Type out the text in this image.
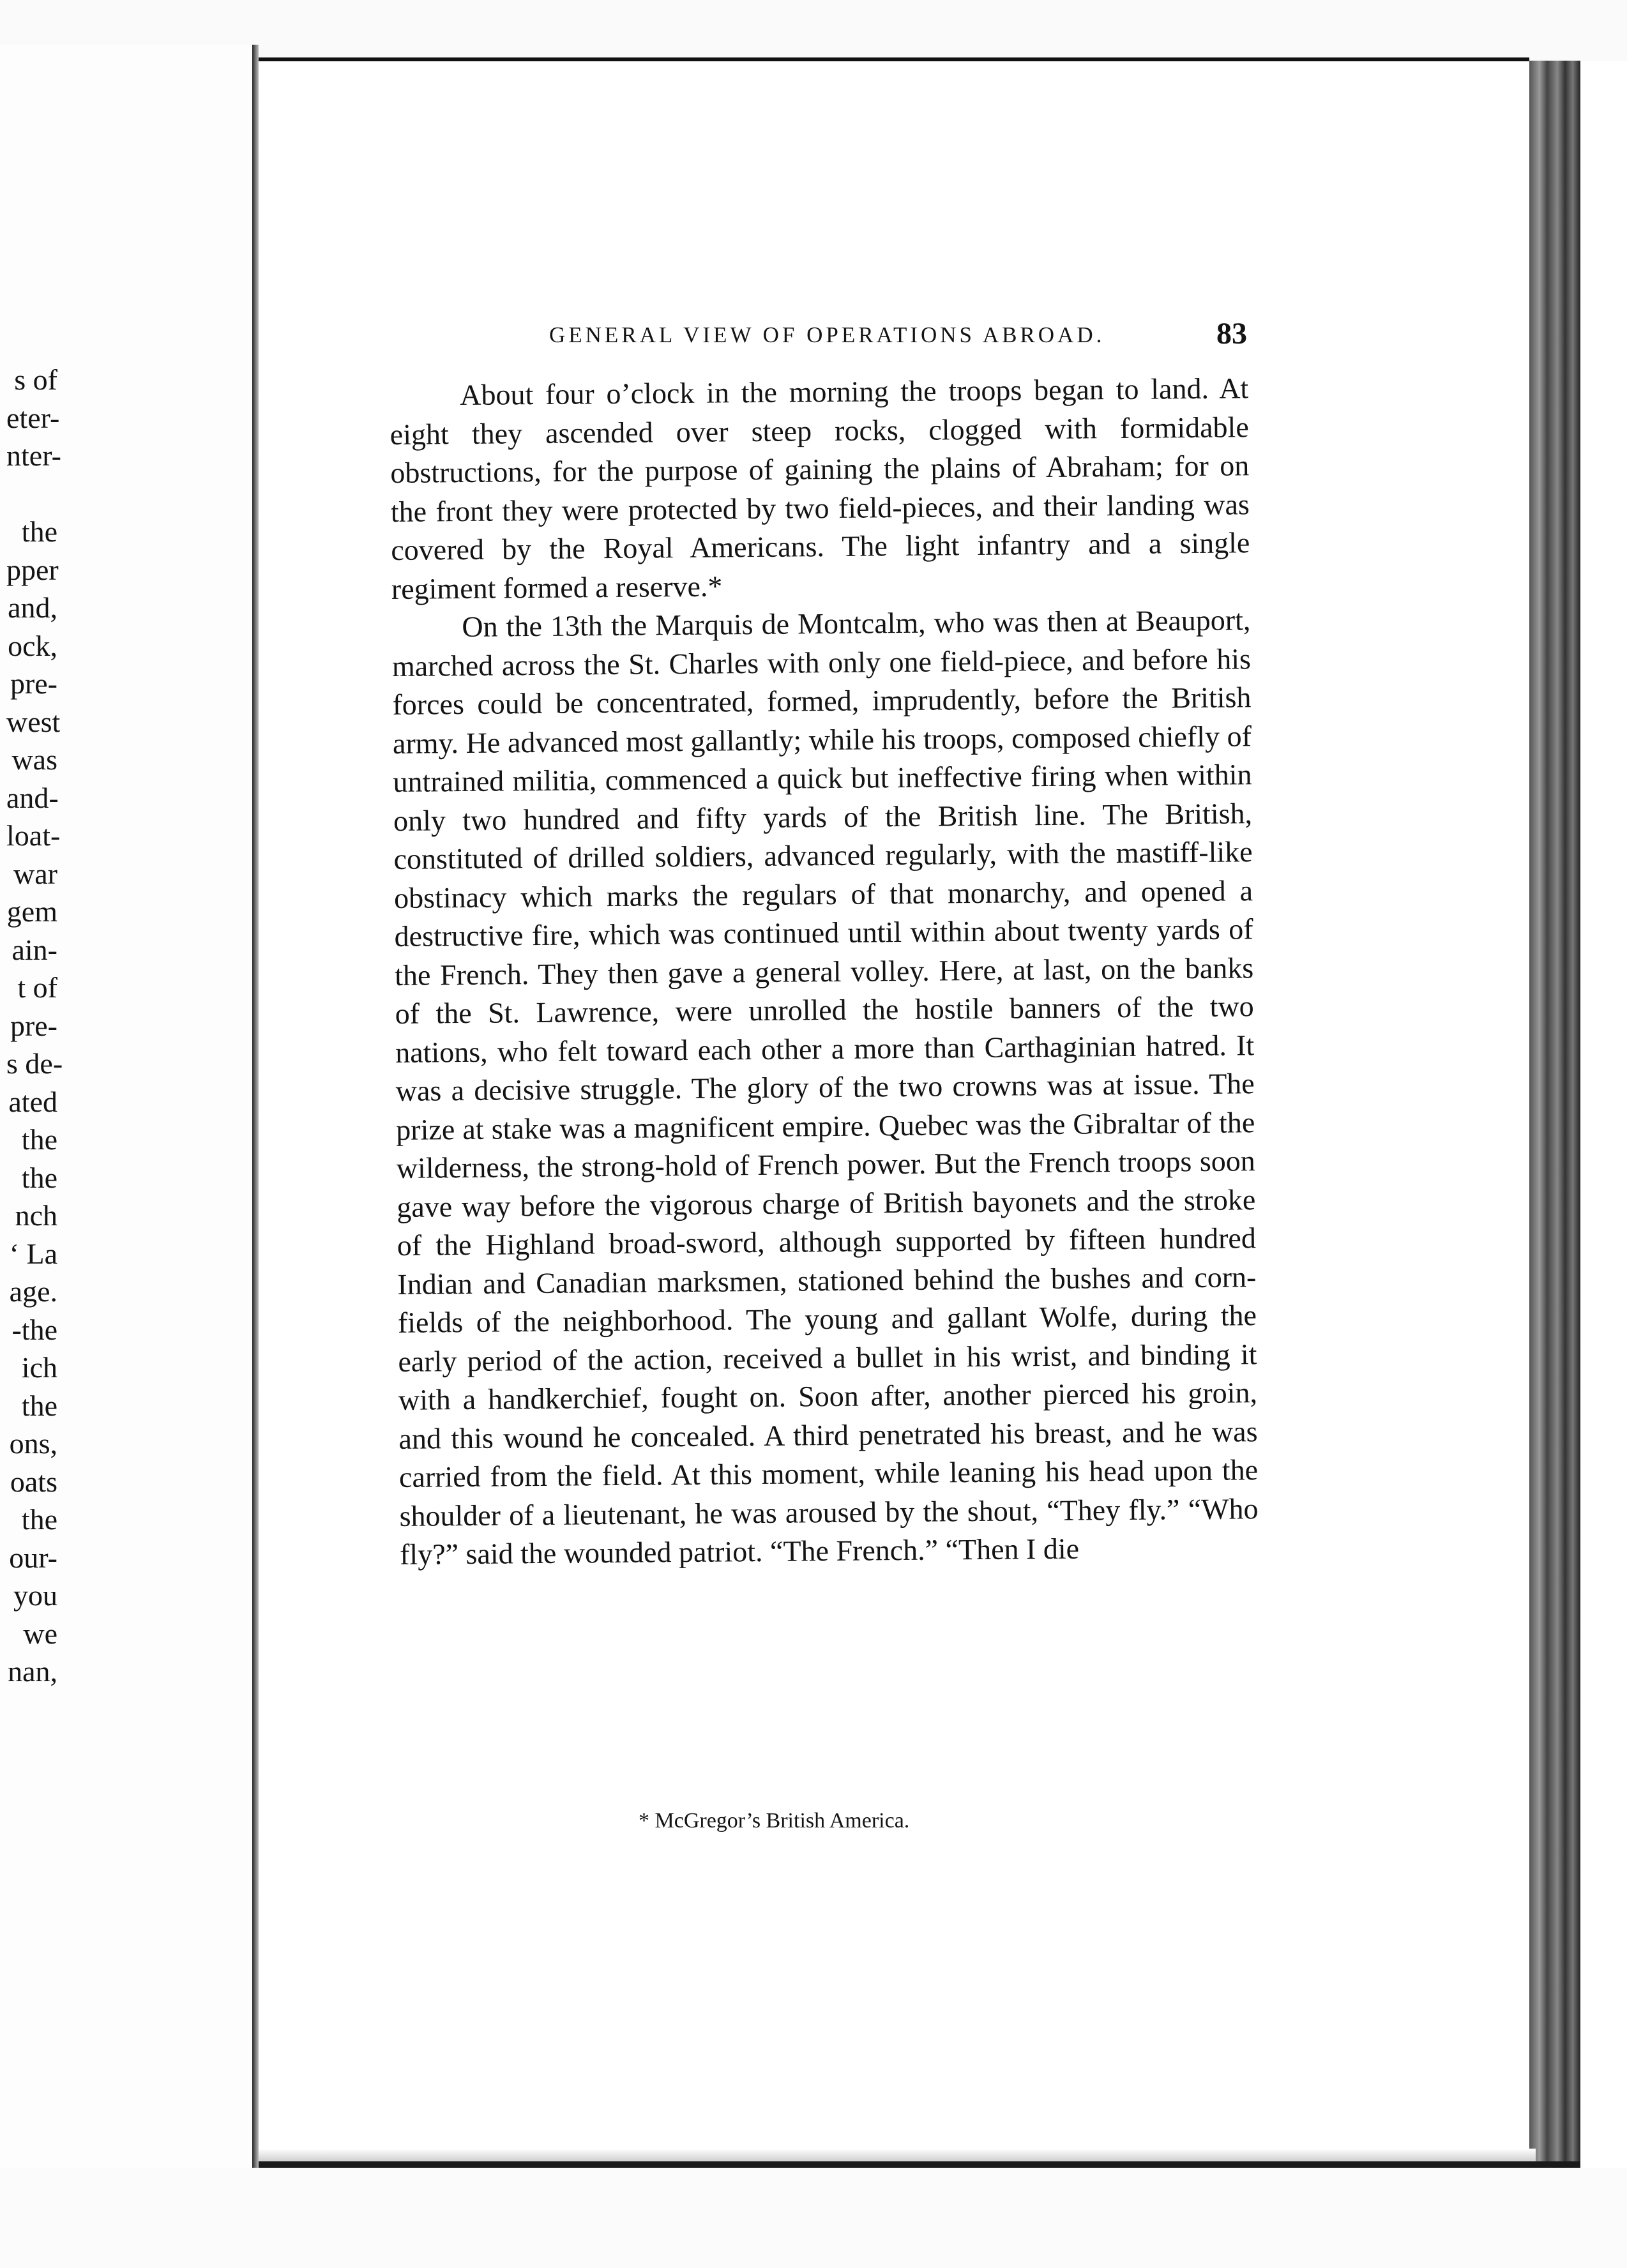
s of
eter-
nter-
the
pper
and,
ock,
pre-
west
was
and-
loat-
war
gem
ain-
t of
pre-
s de-
ated
the
the
nch
‘ La
age.
-the
ich
the
ons,
oats
the
our-
you
we
nan,
GENERAL VIEW OF OPERATIONS ABROAD.	83

About four o’clock in the morning the troops began to land. At eight they ascended over steep rocks, clogged with formidable obstructions, for the purpose of gaining the plains of Abraham; for on the front they were protected by two field-pieces, and their landing was covered by the Royal Americans. The light infantry and a single regiment formed a reserve.*

On the 13th the Marquis de Montcalm, who was then at Beauport, marched across the St. Charles with only one field-piece, and before his forces could be concentrated, formed, imprudently, before the British army. He advanced most gallantly; while his troops, composed chiefly of untrained militia, commenced a quick but ineffective firing when within only two hundred and fifty yards of the British line. The British, constituted of drilled soldiers, advanced regularly, with the mastiff-like obstinacy which marks the regulars of that monarchy, and opened a destructive fire, which was continued until within about twenty yards of the French. They then gave a general volley. Here, at last, on the banks of the St. Lawrence, were unrolled the hostile banners of the two nations, who felt toward each other a more than Carthaginian hatred. It was a decisive struggle. The glory of the two crowns was at issue. The prize at stake was a magnificent empire. Quebec was the Gibraltar of the wilderness, the strong-hold of French power. But the French troops soon gave way before the vigorous charge of British bayonets and the stroke of the Highland broad-sword, although supported by fifteen hundred Indian and Canadian marksmen, stationed behind the bushes and corn-fields of the neighborhood. The young and gallant Wolfe, during the early period of the action, received a bullet in his wrist, and binding it with a handkerchief, fought on. Soon after, another pierced his groin, and this wound he concealed. A third penetrated his breast, and he was carried from the field. At this moment, while leaning his head upon the shoulder of a lieutenant, he was aroused by the shout, “They fly.” “Who fly?” said the wounded patriot. “The French.” “Then I die

* McGregor’s British America.
